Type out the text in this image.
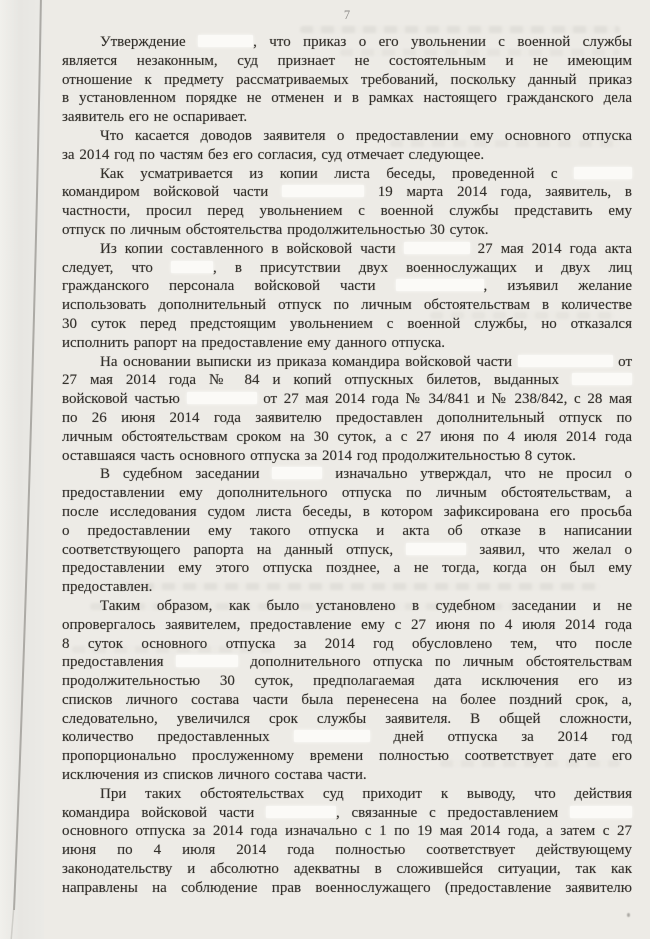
7

Утверждение	, что приказ о его увольнении с военной службы
является незаконным, суд признает не состоятельным и не имеющим
отношение к предмету рассматриваемых требований, поскольку данный приказ
в установленном порядке не отменен и в рамках настоящего гражданского дела
заявитель его не оспаривает.

Что касается доводов заявителя о предоставлении ему основного отпуска
за 2014 год по частям без его согласия, суд отмечает следующее.

Как усматривается из копии листа беседы, проведенной с
командиром войсковой части	19 марта 2014 года, заявитель, в
частности, просил перед увольнением с военной службы представить ему
отпуск по личным обстоятельства продолжительностью 30 суток.

Из копии составленного в войсковой части	27 мая 2014 года акта
следует, что	, в присутствии двух военнослужащих и двух лиц
гражданского персонала войсковой части	, изъявил желание
использовать дополнительный отпуск по личным обстоятельствам в количестве
30 суток перед предстоящим увольнением с военной службы, но отказался
исполнить рапорт на предоставление ему данного отпуска.

На основании выписки из приказа командира войсковой части	от
27 мая 2014 года № 84 и копий отпускных билетов, выданных
войсковой частью	от 27 мая 2014 года № 34/841 и № 238/842, с 28 мая
по 26 июня 2014 года заявителю предоставлен дополнительный отпуск по
личным обстоятельствам сроком на 30 суток, а с 27 июня по 4 июля 2014 года
оставшаяся часть основного отпуска за 2014 год продолжительностью 8 суток.

В судебном заседании	изначально утверждал, что не просил о
предоставлении ему дополнительного отпуска по личным обстоятельствам, а
после исследования судом листа беседы, в котором зафиксирована его просьба
о предоставлении ему такого отпуска и акта об отказе в написании
соответствующего рапорта на данный отпуск,	заявил, что желал о
предоставлении ему этого отпуска позднее, а не тогда, когда он был ему
предоставлен.

Таким образом, как было установлено в судебном заседании и не
опровергалось заявителем, предоставление ему с 27 июня по 4 июля 2014 года
8 суток основного отпуска за 2014 год обусловлено тем, что после
предоставления	дополнительного отпуска по личным обстоятельствам
продолжительностью 30 суток, предполагаемая дата исключения его из
списков личного состава части была перенесена на более поздний срок, а,
следовательно, увеличился срок службы заявителя. В общей сложности,
количество предоставленных	дней отпуска за 2014 год
пропорционально прослуженному времени полностью соответствует дате его
исключения из списков личного состава части.

При таких обстоятельствах суд приходит к выводу, что действия
командира войсковой части	, связанные с предоставлением
основного отпуска за 2014 года изначально с 1 по 19 мая 2014 года, а затем с 27
июня по 4 июля 2014 года полностью соответствует действующему
законодательству и абсолютно адекватны в сложившейся ситуации, так как
направлены на соблюдение прав военнослужащего (предоставление заявителю
